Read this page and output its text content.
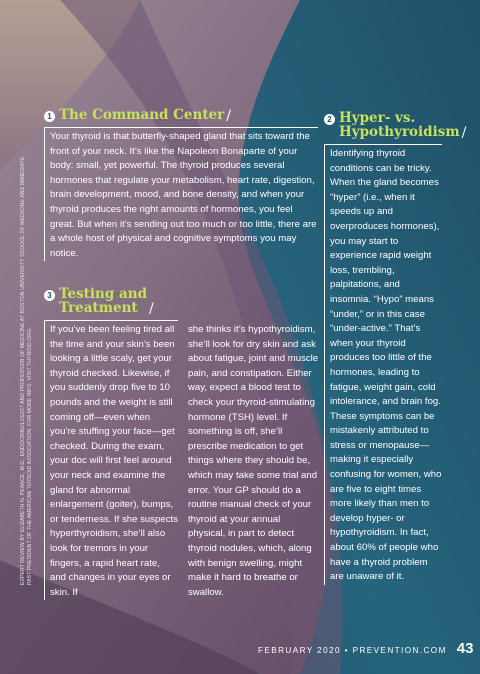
EXPERT REVIEW BY ELIZABETH N. PEARCE, M.D., ENDOCRINOLOGIST AND PROFESSOR OF MEDICINE AT BOSTON UNIVERSITY SCHOOL OF MEDICINE AND IMMEDIATE PAST PRESIDENT OF THE AMERICAN THYROID ASSOCIATION. FOR MORE INFO, VISIT THYROID.ORG.
1 The Command Center /

Your thyroid is that butterfly-shaped gland that sits toward the front of your neck. It’s like the Napoleon Bonaparte of your body: small, yet powerful. The thyroid produces several hormones that regulate your metabolism, heart rate, digestion, brain development, mood, and bone density, and when your thyroid produces the right amounts of hormones, you feel great. But when it’s sending out too much or too little, there are a whole host of physical and cognitive symptoms you may notice.

2 Hyper- vs.
Hypothyroidism /

Identifying thyroid conditions can be tricky. When the gland becomes “hyper” (i.e., when it speeds up and overproduces hormones), you may start to experience rapid weight loss, trembling, palpitations, and insomnia. “Hypo” means “under,” or in this case “under-active.” That’s when your thyroid produces too little of the hormones, leading to fatigue, weight gain, cold intolerance, and brain fog. These symptoms can be mistakenly attributed to stress or menopause—making it especially confusing for women, who are five to eight times more likely than men to develop hyper- or hypothyroidism. In fact, about 60% of people who have a thyroid problem are unaware of it.

3 Testing and
Treatment /

If you’ve been feeling tired all the time and your skin’s been looking a little scaly, get your thyroid checked. Likewise, if you suddenly drop five to 10 pounds and the weight is still coming off—even when you’re stuffing your face—get checked. During the exam, your doc will first feel around your neck and examine the gland for abnormal enlargement (goiter), bumps, or tenderness. If she suspects hyperthyroidism, she’ll also look for tremors in your fingers, a rapid heart rate, and changes in your eyes or skin. If

she thinks it’s hypothyroidism, she’ll look for dry skin and ask about fatigue, joint and muscle pain, and constipation. Either way, expect a blood test to check your thyroid-stimulating hormone (TSH) level. If something is off, she’ll prescribe medication to get things where they should be, which may take some trial and error. Your GP should do a routine manual check of your thyroid at your annual physical, in part to detect thyroid nodules, which, along with benign swelling, might make it hard to breathe or swallow.

FEBRUARY 2020 • PREVENTION.COM 43
